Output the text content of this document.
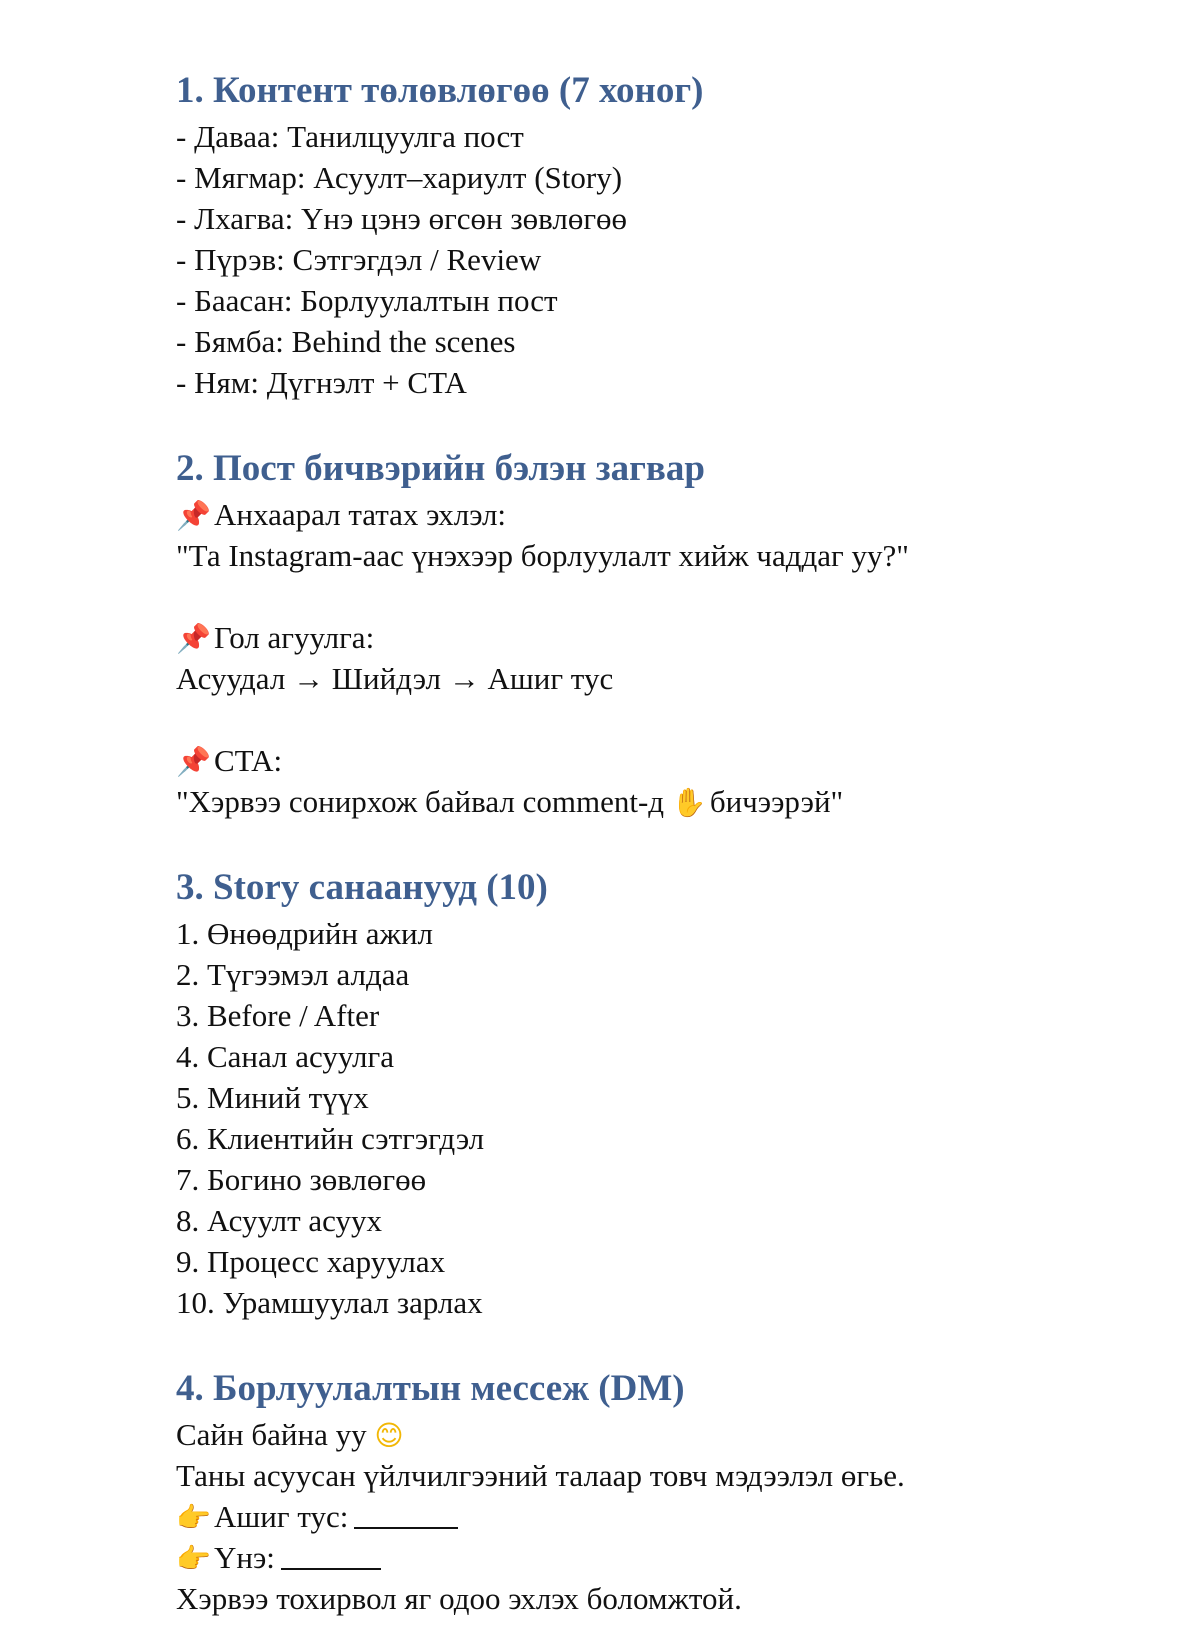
1. Контент төлөвлөгөө (7 хоног)
- Даваа: Танилцуулга пост
- Мягмар: Асуулт–хариулт (Story)
- Лхагва: Үнэ цэнэ өгсөн зөвлөгөө
- Пүрэв: Сэтгэгдэл / Review
- Баасан: Борлуулалтын пост
- Бямба: Behind the scenes
- Ням: Дүгнэлт + CTA
2. Пост бичвэрийн бэлэн загвар
📌 Анхаарал татах эхлэл:
"Та Instagram-аас үнэхээр борлуулалт хийж чаддаг уу?"
📌 Гол агуулга:
Асуудал → Шийдэл → Ашиг тус
📌 CTA:
"Хэрвээ сонирхож байвал comment-д ✋ бичээрэй"
3. Story санаанууд (10)
1. Өнөөдрийн ажил
2. Түгээмэл алдаа
3. Before / After
4. Санал асуулга
5. Миний түүх
6. Клиентийн сэтгэгдэл
7. Богино зөвлөгөө
8. Асуулт асуух
9. Процесс харуулах
10. Урамшуулал зарлах
4. Борлуулалтын мессеж (DM)
Сайн байна уу 😊
Таны асуусан үйлчилгээний талаар товч мэдээлэл өгье.
👉 Ашиг тус:
👉 Үнэ:
Хэрвээ тохирвол яг одоо эхлэх боломжтой.
